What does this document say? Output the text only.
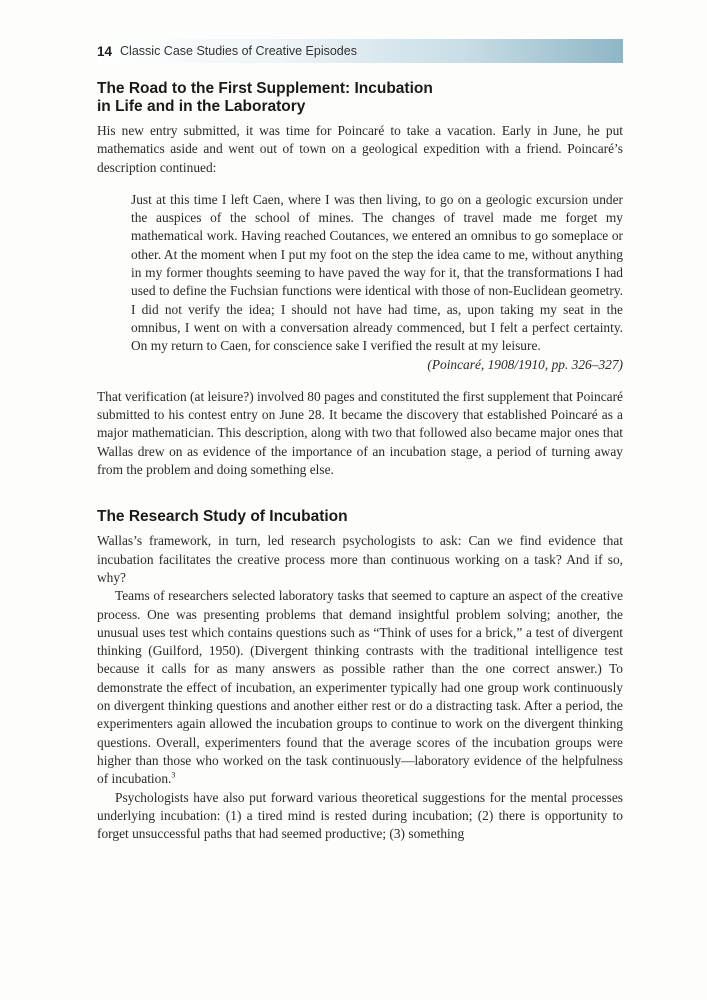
14 Classic Case Studies of Creative Episodes
The Road to the First Supplement: Incubation
in Life and in the Laboratory

His new entry submitted, it was time for Poincaré to take a vacation. Early in June, he put mathematics aside and went out of town on a geological expedition with a friend. Poincaré’s description continued:

Just at this time I left Caen, where I was then living, to go on a geologic excursion under the auspices of the school of mines. The changes of travel made me forget my mathematical work. Having reached Coutances, we entered an omnibus to go someplace or other. At the moment when I put my foot on the step the idea came to me, without anything in my former thoughts seeming to have paved the way for it, that the transformations I had used to define the Fuchsian functions were identical with those of non-Euclidean geometry. I did not verify the idea; I should not have had time, as, upon taking my seat in the omnibus, I went on with a conversation already commenced, but I felt a perfect certainty. On my return to Caen, for conscience sake I verified the result at my leisure.

(Poincaré, 1908/1910, pp. 326–327)

That verification (at leisure?) involved 80 pages and constituted the first supplement that Poincaré submitted to his contest entry on June 28. It became the discovery that established Poincaré as a major mathematician. This description, along with two that followed also became major ones that Wallas drew on as evidence of the importance of an incubation stage, a period of turning away from the problem and doing something else.

The Research Study of Incubation

Wallas’s framework, in turn, led research psychologists to ask: Can we find evidence that incubation facilitates the creative process more than continuous working on a task? And if so, why?

Teams of researchers selected laboratory tasks that seemed to capture an aspect of the creative process. One was presenting problems that demand insightful problem solving; another, the unusual uses test which contains questions such as “Think of uses for a brick,” a test of divergent thinking (Guilford, 1950). (Divergent thinking contrasts with the traditional intelligence test because it calls for as many answers as possible rather than the one correct answer.) To demonstrate the effect of incubation, an experimenter typically had one group work continuously on divergent thinking questions and another either rest or do a distracting task. After a period, the experimenters again allowed the incubation groups to continue to work on the divergent thinking questions. Overall, experimenters found that the average scores of the incubation groups were higher than those who worked on the task continuously—laboratory evidence of the helpfulness of incubation.$^3$

Psychologists have also put forward various theoretical suggestions for the mental processes underlying incubation: (1) a tired mind is rested during incubation; (2) there is opportunity to forget unsuccessful paths that had seemed productive; (3) something
